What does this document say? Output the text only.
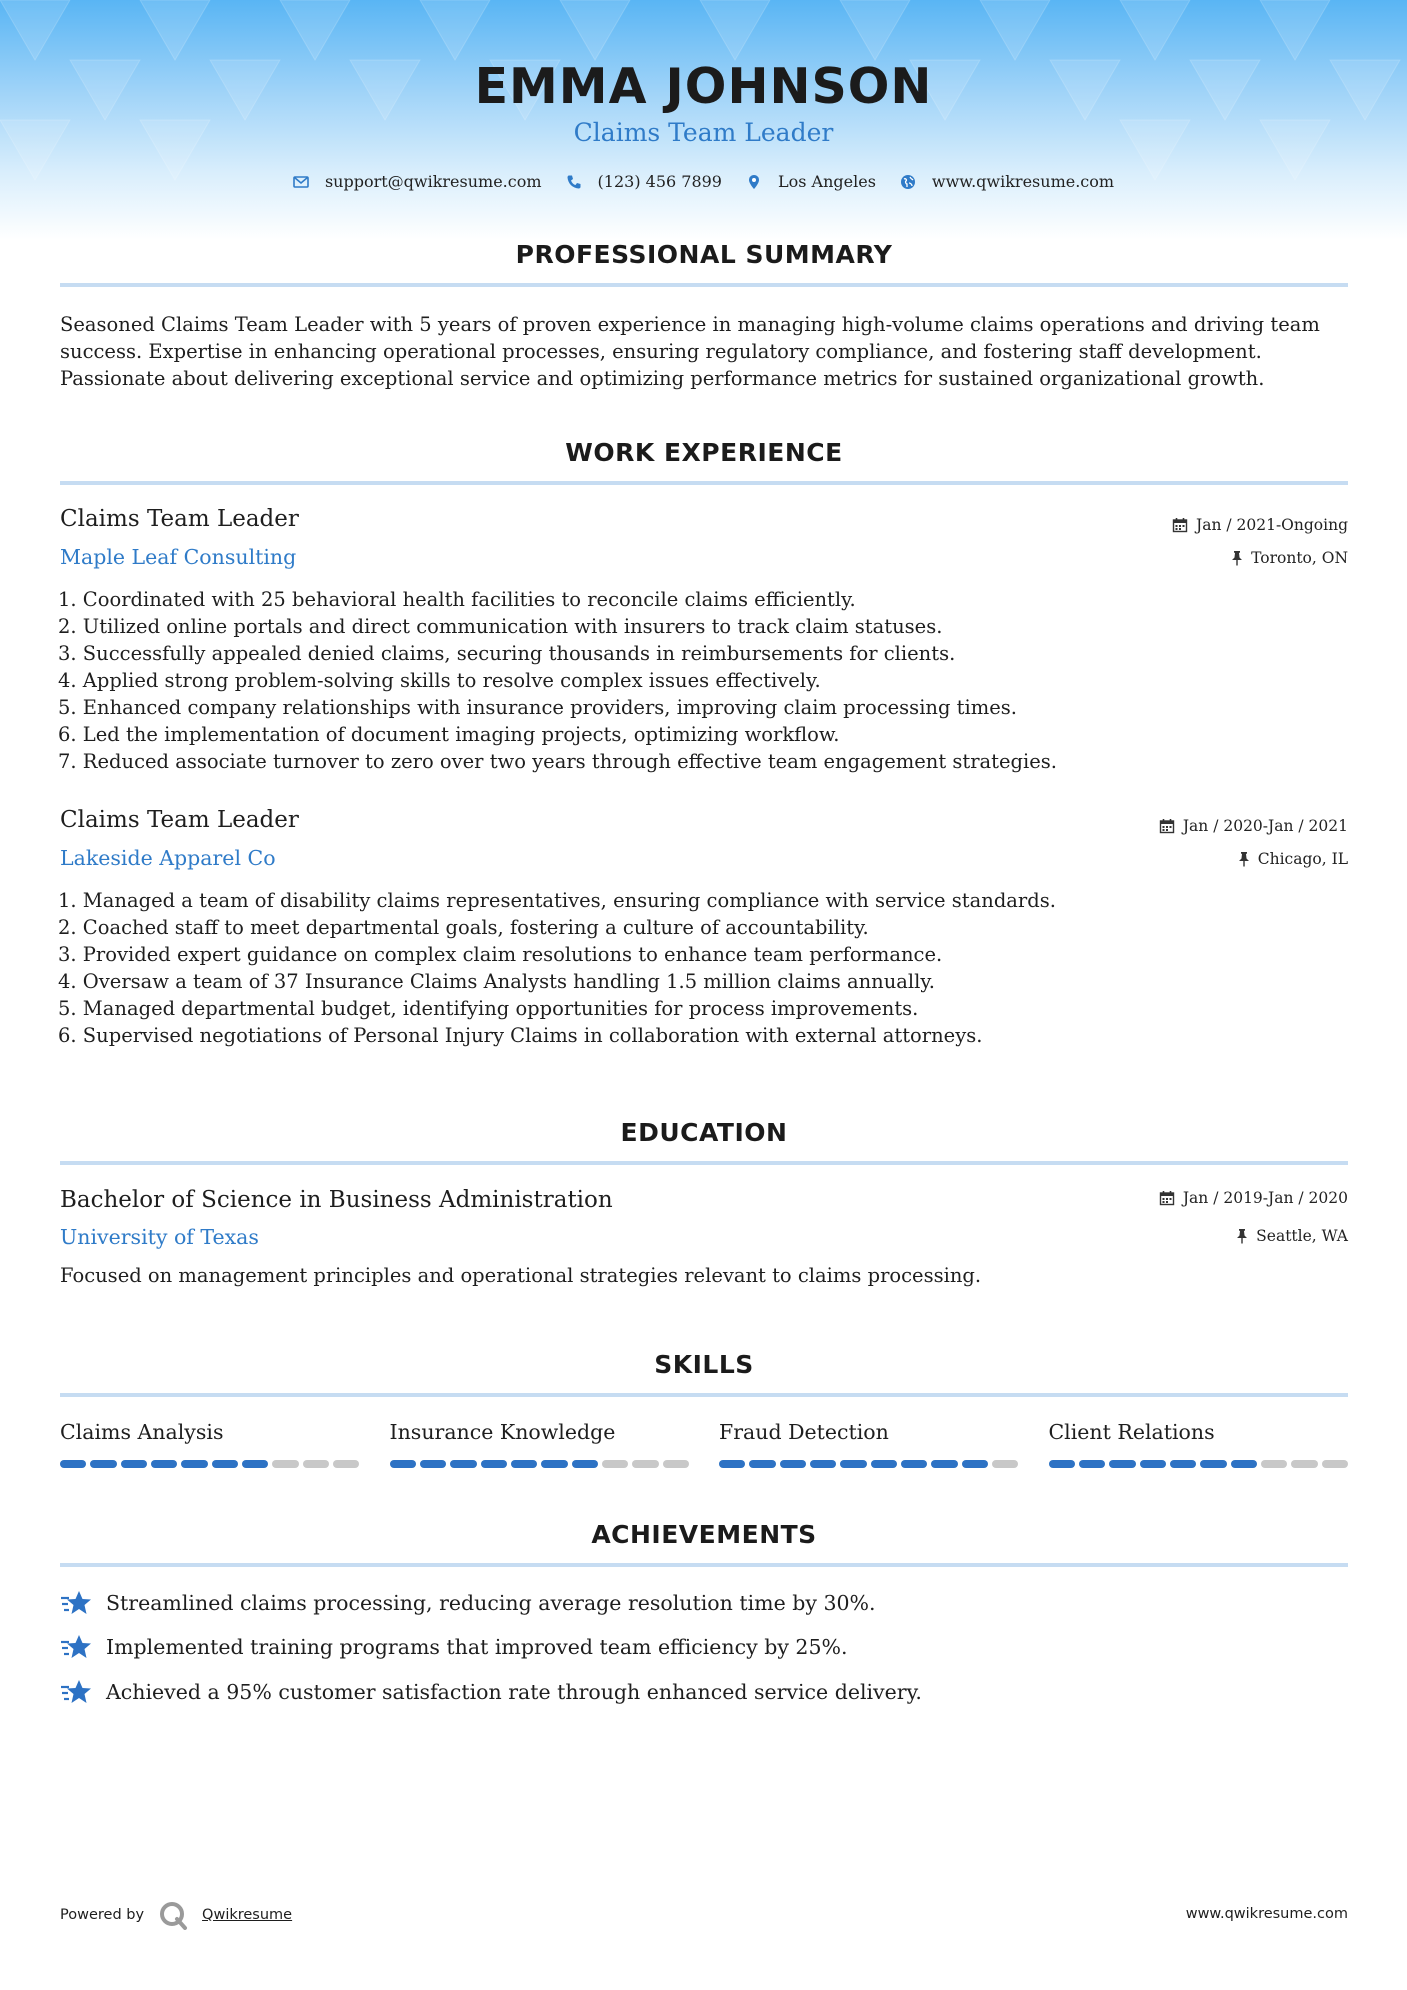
EMMA JOHNSON
Claims Team Leader
support@qwikresume.com	(123) 456 7899	Los Angeles	www.qwikresume.com
PROFESSIONAL SUMMARY
Seasoned Claims Team Leader with 5 years of proven experience in managing high-volume claims operations and driving team success. Expertise in enhancing operational processes, ensuring regulatory compliance, and fostering staff development. Passionate about delivering exceptional service and optimizing performance metrics for sustained organizational growth.
WORK EXPERIENCE
Claims Team Leader	Jan / 2021-Ongoing
Maple Leaf Consulting	Toronto, ON
1. Coordinated with 25 behavioral health facilities to reconcile claims efficiently.
2. Utilized online portals and direct communication with insurers to track claim statuses.
3. Successfully appealed denied claims, securing thousands in reimbursements for clients.
4. Applied strong problem-solving skills to resolve complex issues effectively.
5. Enhanced company relationships with insurance providers, improving claim processing times.
6. Led the implementation of document imaging projects, optimizing workflow.
7. Reduced associate turnover to zero over two years through effective team engagement strategies.
Claims Team Leader	Jan / 2020-Jan / 2021
Lakeside Apparel Co	Chicago, IL
1. Managed a team of disability claims representatives, ensuring compliance with service standards.
2. Coached staff to meet departmental goals, fostering a culture of accountability.
3. Provided expert guidance on complex claim resolutions to enhance team performance.
4. Oversaw a team of 37 Insurance Claims Analysts handling 1.5 million claims annually.
5. Managed departmental budget, identifying opportunities for process improvements.
6. Supervised negotiations of Personal Injury Claims in collaboration with external attorneys.
EDUCATION
Bachelor of Science in Business Administration	Jan / 2019-Jan / 2020
University of Texas	Seattle, WA
Focused on management principles and operational strategies relevant to claims processing.
SKILLS
Claims Analysis	Insurance Knowledge	Fraud Detection	Client Relations
ACHIEVEMENTS
Streamlined claims processing, reducing average resolution time by 30%.
Implemented training programs that improved team efficiency by 25%.
Achieved a 95% customer satisfaction rate through enhanced service delivery.
Powered by	Qwikresume	www.qwikresume.com
